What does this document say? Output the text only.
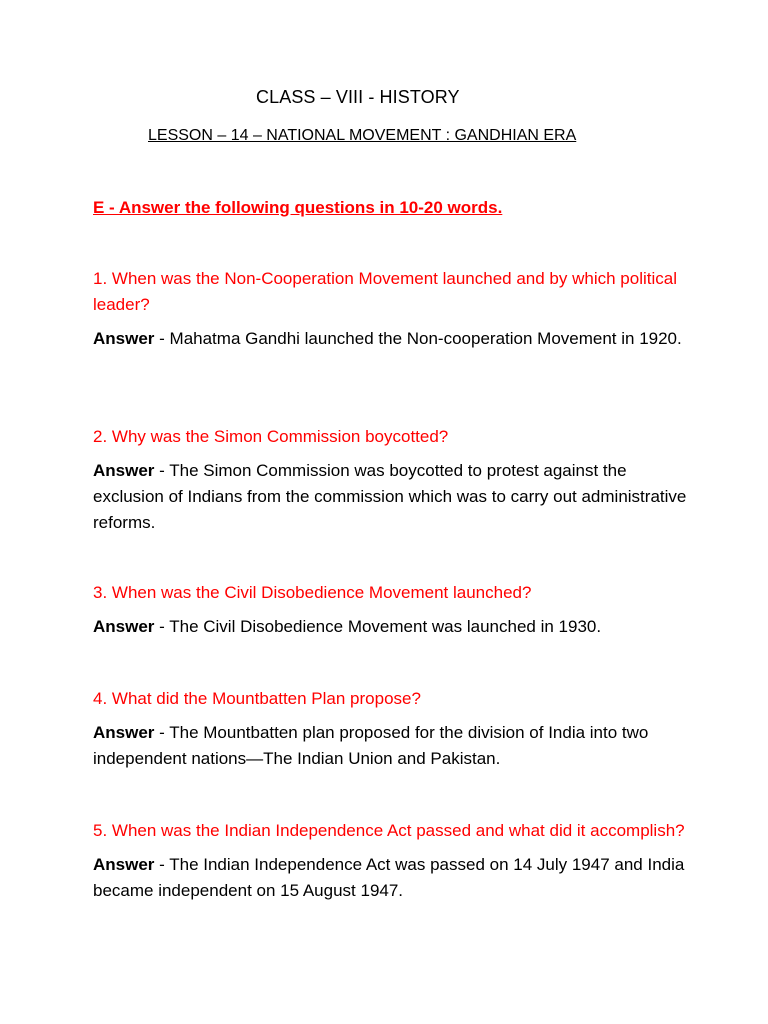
CLASS – VIII - HISTORY
LESSON – 14 – NATIONAL MOVEMENT : GANDHIAN ERA
E - Answer the following questions in 10-20 words.

1. When was the Non-Cooperation Movement launched and by which political leader?

Answer - Mahatma Gandhi launched the Non-cooperation Movement in 1920.

2. Why was the Simon Commission boycotted?

Answer - The Simon Commission was boycotted to protest against the exclusion of Indians from the commission which was to carry out administrative reforms.

3. When was the Civil Disobedience Movement launched?

Answer - The Civil Disobedience Movement was launched in 1930.

4. What did the Mountbatten Plan propose?

Answer - The Mountbatten plan proposed for the division of India into two independent nations—The Indian Union and Pakistan.

5. When was the Indian Independence Act passed and what did it accomplish?

Answer - The Indian Independence Act was passed on 14 July 1947 and India became independent on 15 August 1947.
